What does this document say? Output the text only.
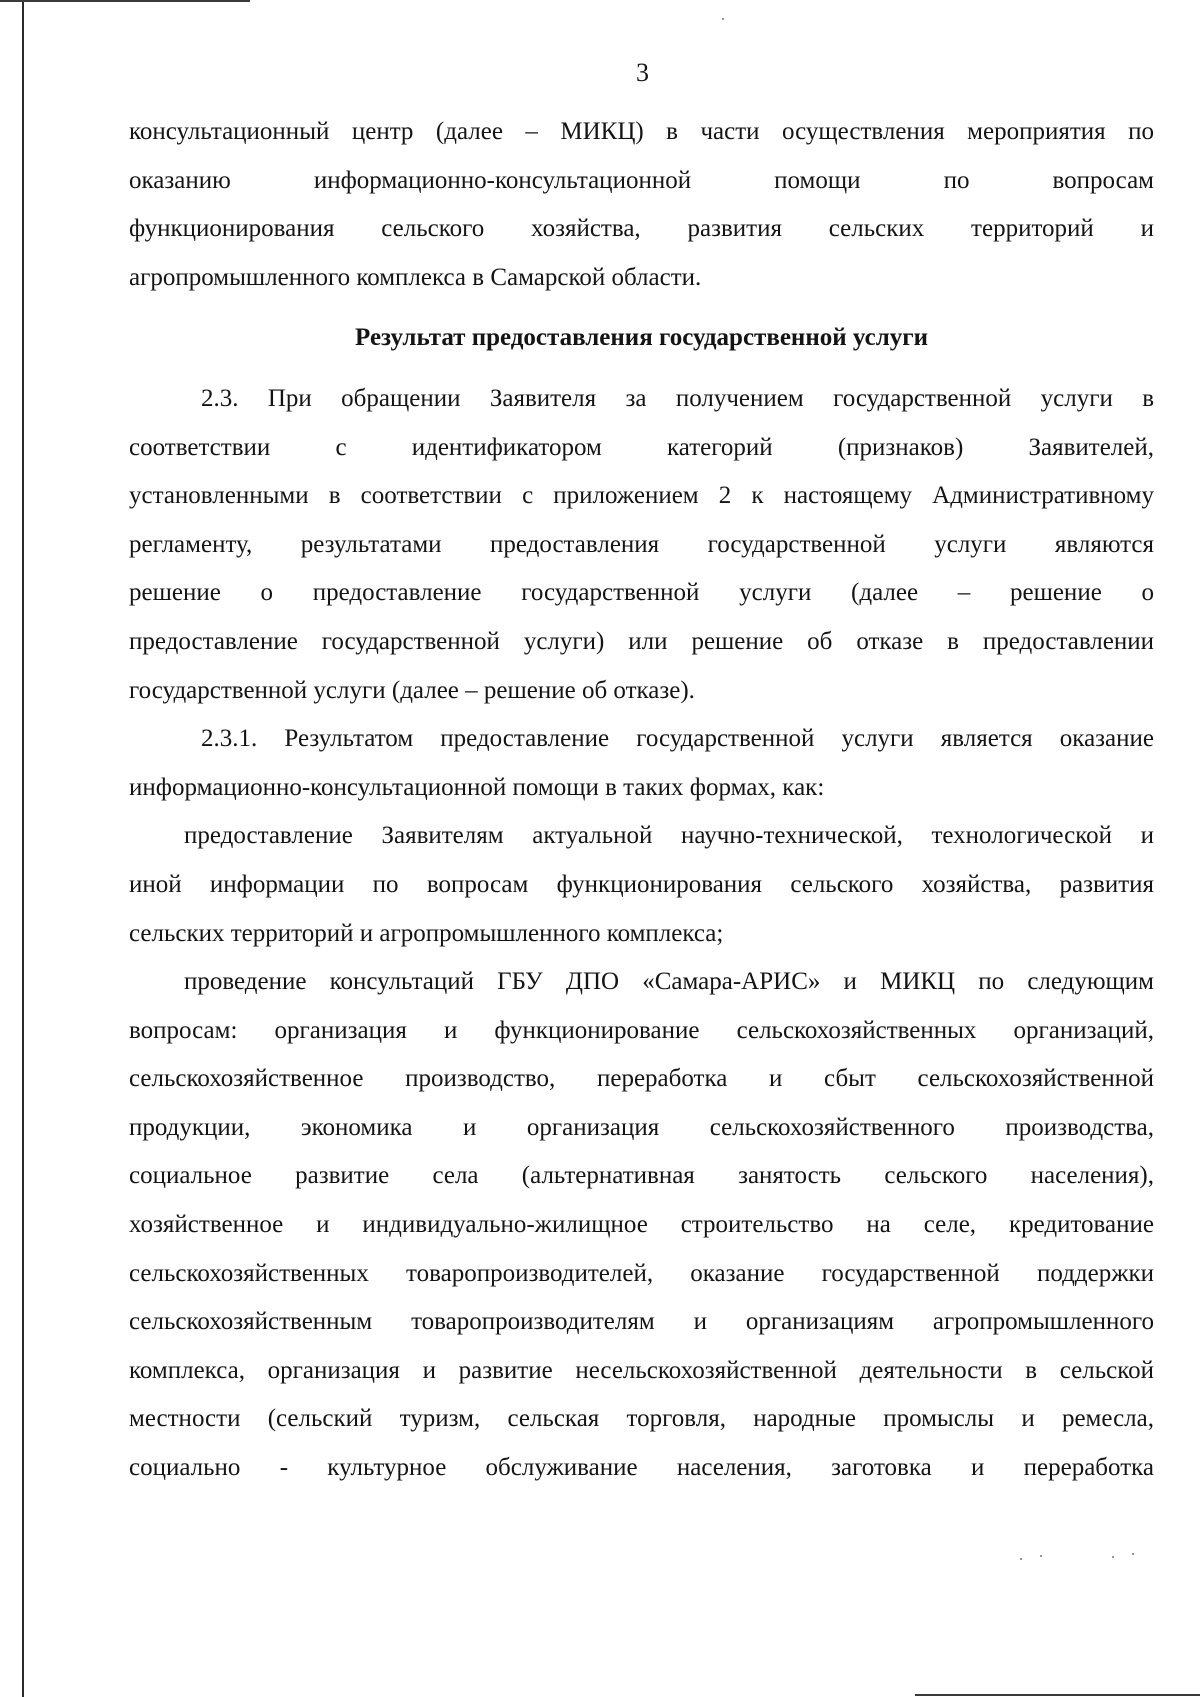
3

консультационный центр (далее – МИКЦ) в части осуществления мероприятия по

оказанию информационно-консультационной помощи по вопросам

функционирования сельского хозяйства, развития сельских территорий и

агропромышленного комплекса в Самарской области.

Результат предоставления государственной услуги

2.3. При обращении Заявителя за получением государственной услуги в

соответствии с идентификатором категорий (признаков) Заявителей,

установленными в соответствии с приложением 2 к настоящему Административному

регламенту, результатами предоставления государственной услуги являются

решение о предоставление государственной услуги (далее – решение о

предоставление государственной услуги) или решение об отказе в предоставлении

государственной услуги (далее – решение об отказе).

2.3.1. Результатом предоставление государственной услуги является оказание

информационно-консультационной помощи в таких формах, как:

предоставление Заявителям актуальной научно-технической, технологической и

иной информации по вопросам функционирования сельского хозяйства, развития

сельских территорий и агропромышленного комплекса;

проведение консультаций ГБУ ДПО «Самара-АРИС» и МИКЦ по следующим

вопросам: организация и функционирование сельскохозяйственных организаций,

сельскохозяйственное производство, переработка и сбыт сельскохозяйственной

продукции, экономика и организация сельскохозяйственного производства,

социальное развитие села (альтернативная занятость сельского населения),

хозяйственное и индивидуально-жилищное строительство на селе, кредитование

сельскохозяйственных товаропроизводителей, оказание государственной поддержки

сельскохозяйственным товаропроизводителям и организациям агропромышленного

комплекса, организация и развитие несельскохозяйственной деятельности в сельской

местности (сельский туризм, сельская торговля, народные промыслы и ремесла,

социально - культурное обслуживание населения, заготовка и переработка
